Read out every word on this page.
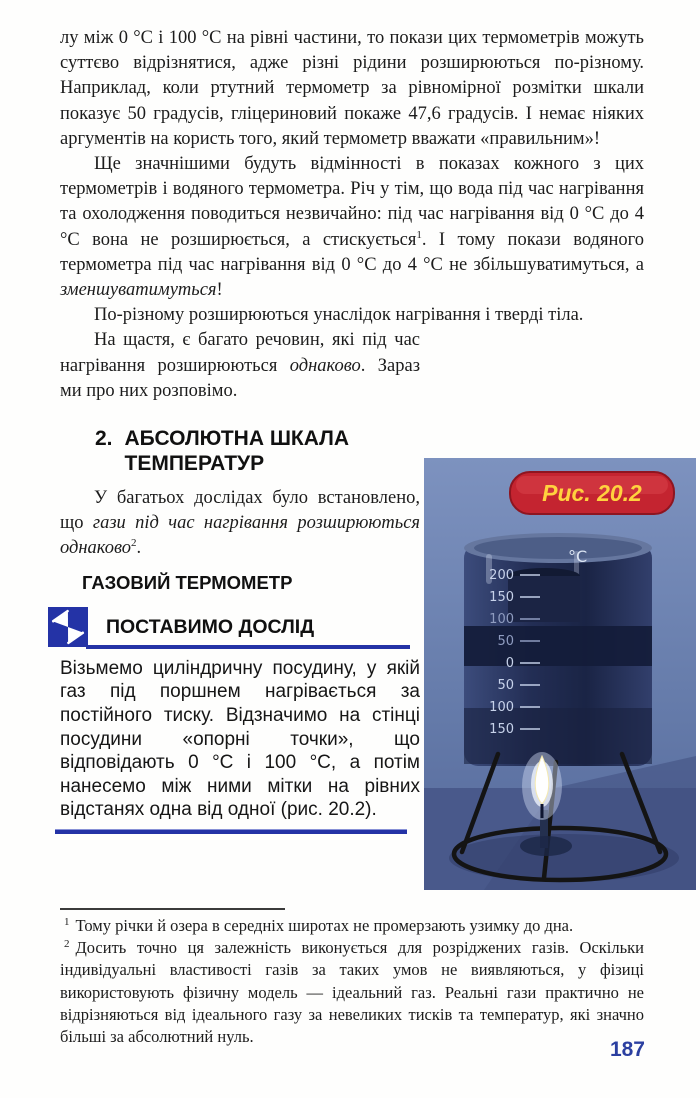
лу між 0 °С і 100 °С на рівні частини, то покази цих термометрів можуть суттєво відрізнятися, адже різні рідини розширюються по-різному. Наприклад, коли ртутний термометр за рівномірної розмітки шкали показує 50 градусів, гліцериновий покаже 47,6 градусів. І немає ніяких аргументів на користь того, який термометр вважати «правильним»!

Ще значнішими будуть відмінності в показах кожного з цих термометрів і водяного термометра. Річ у тім, що вода під час нагрівання та охолодження поводиться незвичайно: під час нагрівання від 0 °С до 4 °С вона не розширюється, а стискується$^1$. І тому покази водяного термометра під час нагрівання від 0 °С до 4 °С не збільшуватимуться, а зменшуватимуться!

По-різному розширюються унаслідок нагрівання і тверді тіла.

На щастя, є багато речовин, які під час нагрівання розширюються однаково. Зараз ми про них розповімо.

2. АБСОЛЮТНА ШКАЛА ТЕМПЕРАТУР

У багатьох дослідах було встановлено, що гази під час нагрівання розширюються однаково$^2$.

ГАЗОВИЙ ТЕРМОМЕТР
ПОСТАВИМО ДОСЛІД

Візьмемо циліндричну посудину, у якій газ під поршнем нагрівається за постійного тиску. Відзначимо на стінці посудини «опорні точки», що відповідають 0 °С і 100 °С, а потім нанесемо між ними мітки на рівних відстанях одна від одної (рис. 20.2).

Рис. 20.2
°C
200
150
100
50
0
50
100
150

$^1$ Тому річки й озера в середніх широтах не промерзають узимку до дна.

$^2$ Досить точно ця залежність виконується для розріджених газів. Оскільки індивідуальні властивості газів за таких умов не виявляються, у фізиці використовують фізичну модель — ідеальний газ. Реальні гази практично не відрізняються від ідеального газу за невеликих тисків та температур, які значно більші за абсолютний нуль.

187
